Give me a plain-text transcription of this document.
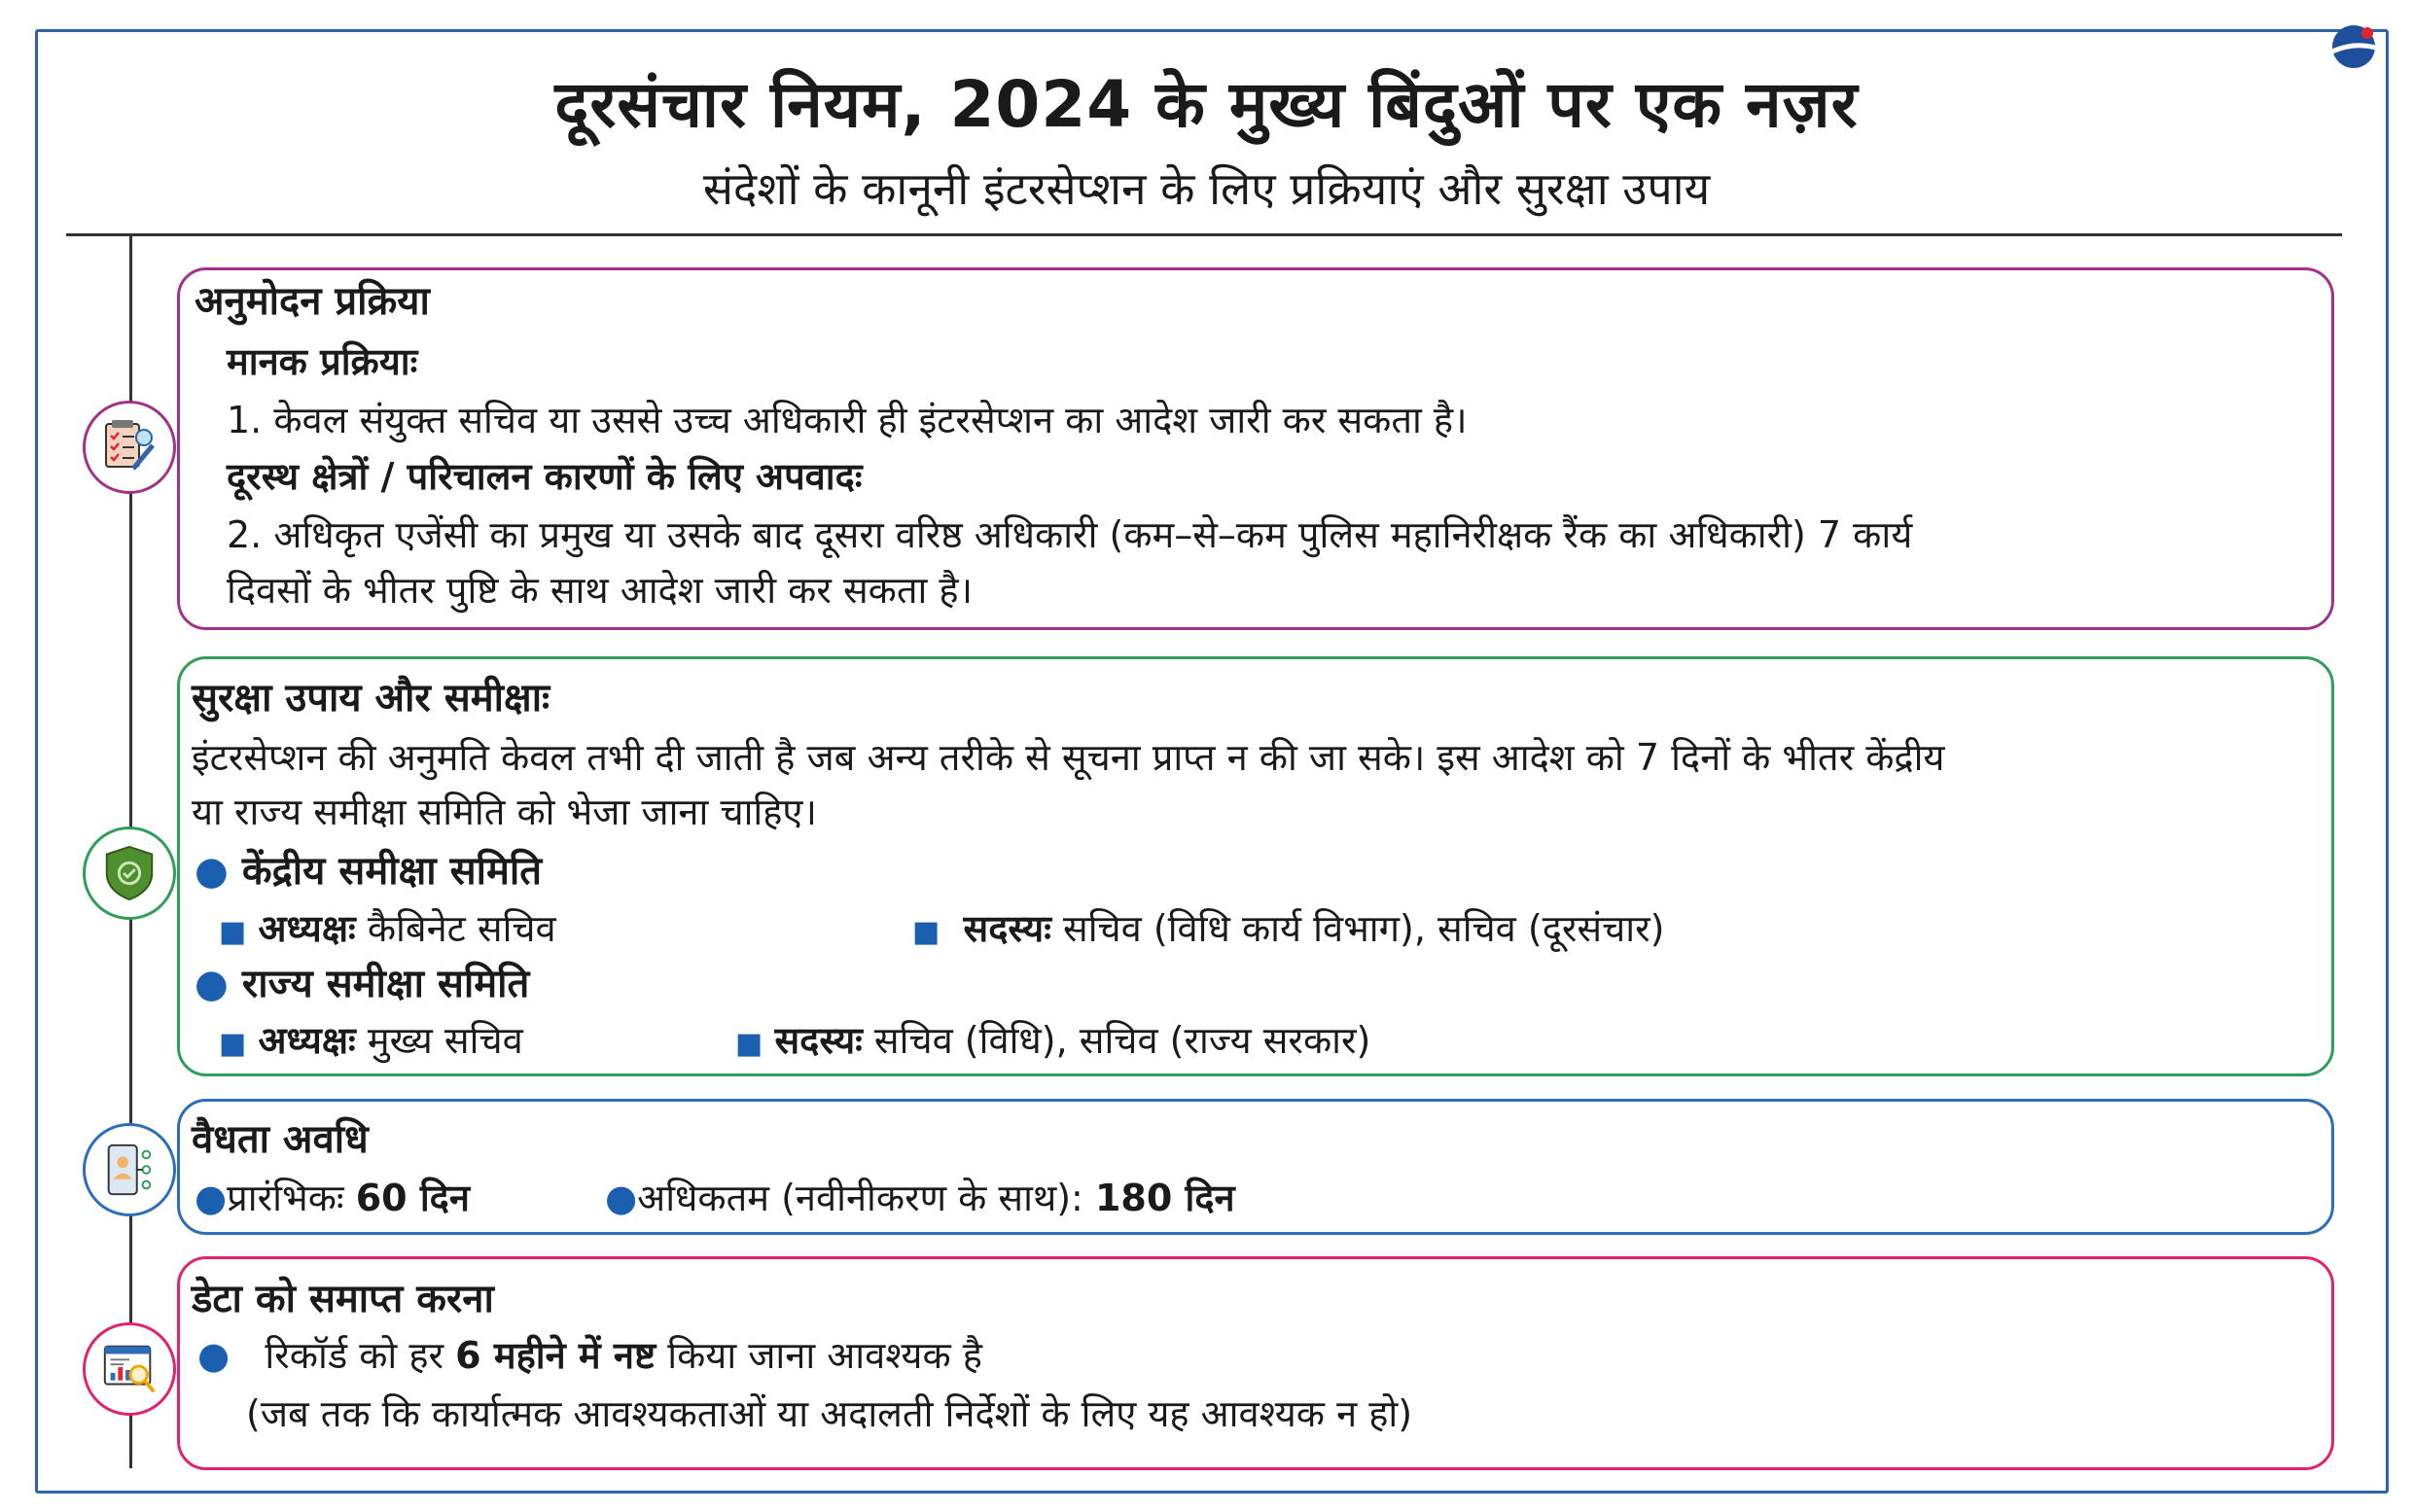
दूरसंचार नियम, 2024 के मुख्य बिंदुओं पर एक नज़र
संदेशों के कानूनी इंटरसेप्शन के लिए प्रक्रियाएं और सुरक्षा उपाय
अनुमोदन प्रक्रिया
मानक प्रक्रियाः
1. केवल संयुक्त सचिव या उससे उच्च अधिकारी ही इंटरसेप्शन का आदेश जारी कर सकता है।
दूरस्थ क्षेत्रों / परिचालन कारणों के लिए अपवादः
2. अधिकृत एजेंसी का प्रमुख या उसके बाद दूसरा वरिष्ठ अधिकारी (कम–से–कम पुलिस महानिरीक्षक रैंक का अधिकारी) 7 कार्य
दिवसों के भीतर पुष्टि के साथ आदेश जारी कर सकता है।
सुरक्षा उपाय और समीक्षाः
इंटरसेप्शन की अनुमति केवल तभी दी जाती है जब अन्य तरीके से सूचना प्राप्त न की जा सके। इस आदेश को 7 दिनों के भीतर केंद्रीय
या राज्य समीक्षा समिति को भेजा जाना चाहिए।
● केंद्रीय समीक्षा समिति
■ अध्यक्षः कैबिनेट सचिव	■ सदस्यः सचिव (विधि कार्य विभाग), सचिव (दूरसंचार)
● राज्य समीक्षा समिति
■ अध्यक्षः मुख्य सचिव	■ सदस्यः सचिव (विधि), सचिव (राज्य सरकार)
वैधता अवधि
●प्रारंभिकः 60 दिन	●अधिकतम (नवीनीकरण के साथ): 180 दिन
डेटा को समाप्त करना
● रिकॉर्ड को हर 6 महीने में नष्ट किया जाना आवश्यक है
(जब तक कि कार्यात्मक आवश्यकताओं या अदालती निर्देशों के लिए यह आवश्यक न हो)
